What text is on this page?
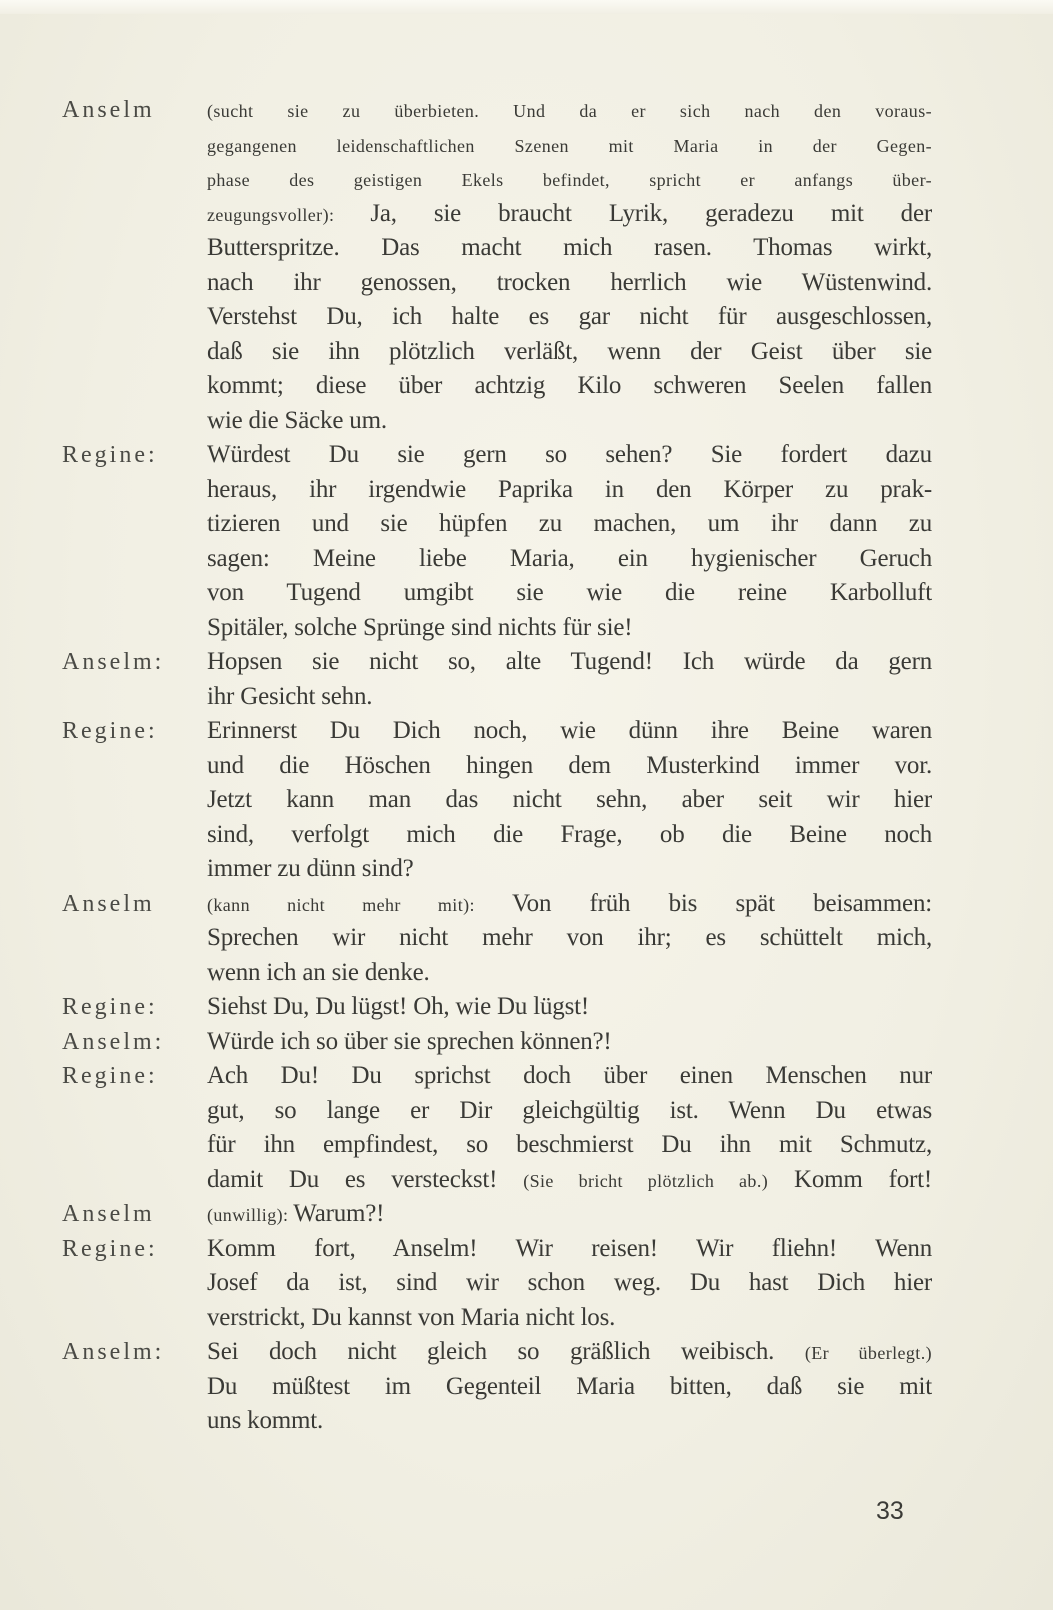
Anselm	(sucht sie zu überbieten. Und da er sich nach den voraus-
gegangenen leidenschaftlichen Szenen mit Maria in der Gegen-
phase des geistigen Ekels befindet, spricht er anfangs über-
zeugungsvoller): Ja, sie braucht Lyrik, geradezu mit der
Butterspritze. Das macht mich rasen. Thomas wirkt,
nach ihr genossen, trocken herrlich wie Wüstenwind.
Verstehst Du, ich halte es gar nicht für ausgeschlossen,
daß sie ihn plötzlich verläßt, wenn der Geist über sie
kommt; diese über achtzig Kilo schweren Seelen fallen
wie die Säcke um.
Regine:	Würdest Du sie gern so sehen? Sie fordert dazu
heraus, ihr irgendwie Paprika in den Körper zu prak-
tizieren und sie hüpfen zu machen, um ihr dann zu
sagen: Meine liebe Maria, ein hygienischer Geruch
von Tugend umgibt sie wie die reine Karbolluft
Spitäler, solche Sprünge sind nichts für sie!
Anselm:	Hopsen sie nicht so, alte Tugend! Ich würde da gern
ihr Gesicht sehn.
Regine:	Erinnerst Du Dich noch, wie dünn ihre Beine waren
und die Höschen hingen dem Musterkind immer vor.
Jetzt kann man das nicht sehn, aber seit wir hier
sind, verfolgt mich die Frage, ob die Beine noch
immer zu dünn sind?
Anselm	(kann nicht mehr mit): Von früh bis spät beisammen:
Sprechen wir nicht mehr von ihr; es schüttelt mich,
wenn ich an sie denke.
Regine:	Siehst Du, Du lügst! Oh, wie Du lügst!
Anselm:	Würde ich so über sie sprechen können?!
Regine:	Ach Du! Du sprichst doch über einen Menschen nur
gut, so lange er Dir gleichgültig ist. Wenn Du etwas
für ihn empfindest, so beschmierst Du ihn mit Schmutz,
damit Du es versteckst! (Sie bricht plötzlich ab.) Komm fort!
Anselm	(unwillig): Warum?!
Regine:	Komm fort, Anselm! Wir reisen! Wir fliehn! Wenn
Josef da ist, sind wir schon weg. Du hast Dich hier
verstrickt, Du kannst von Maria nicht los.
Anselm:	Sei doch nicht gleich so gräßlich weibisch. (Er überlegt.)
Du müßtest im Gegenteil Maria bitten, daß sie mit
uns kommt.
33
